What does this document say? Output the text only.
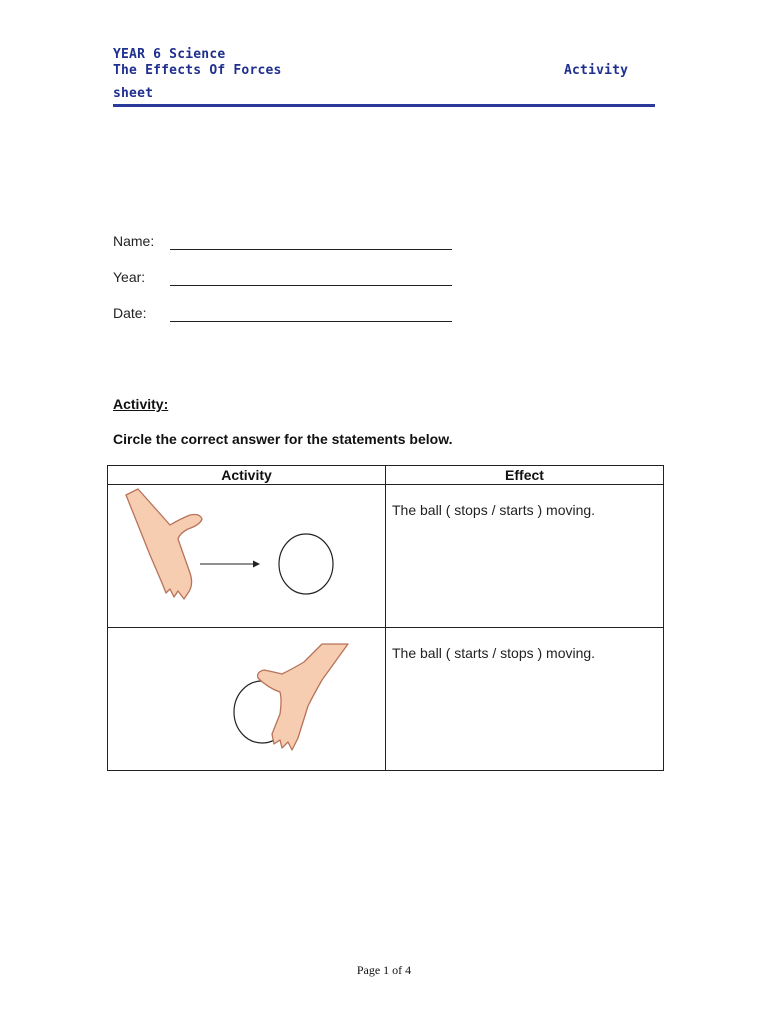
YEAR 6 Science
The Effects Of Forces	Activity
sheet
Name:
Year:
Date:
Activity:
Circle the correct answer for the statements below.
Activity	Effect

The ball ( stops / starts ) moving.

The ball ( starts / stops ) moving.
Page 1 of 4
